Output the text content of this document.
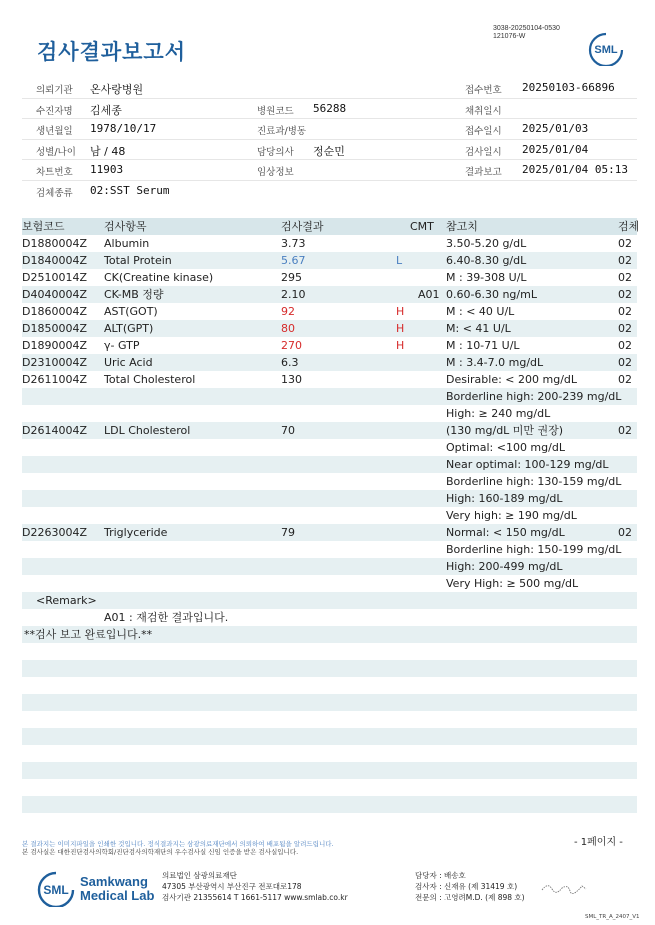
3038-20250104-0530
121076-W
검사결과보고서	SML
의뢰기관 온사랑병원	접수번호 20250103-66896
수진자명 김세종	병원코드 56288	채취일시
생년월일 1978/10/17	진료과/병동	접수일시 2025/01/03
성별/나이 남 / 48	담당의사 정순민	검사일시 2025/01/04
차트번호 11903	임상정보	결과보고 2025/01/04 05:13
검체종류 02:SST Serum
보험코드	검사항목	검사결과	CMT 참고치	검체
D1880004Z Albumin	3.73	3.50-5.20 g/dL	02
D1840004Z Total Protein	5.67	L	6.40-8.30 g/dL	02
D2510014Z CK(Creatine kinase)	295	M : 39-308 U/L	02
D4040004Z CK-MB 정량	2.10	A01 0.60-6.30 ng/mL	02
D1860004Z AST(GOT)	92	H	M : < 40 U/L	02
D1850004Z ALT(GPT)	80	H	M: < 41 U/L	02
D1890004Z γ- GTP	270	H	M : 10-71 U/L	02
D2310004Z Uric Acid	6.3	M : 3.4-7.0 mg/dL	02
D2611004Z Total Cholesterol	130	Desirable: < 200 mg/dL	02
Borderline high: 200-239 mg/dL
High: ≥ 240 mg/dL
D2614004Z LDL Cholesterol	70	(130 mg/dL 미만 권장)	02
Optimal: <100 mg/dL
Near optimal: 100-129 mg/dL
Borderline high: 130-159 mg/dL
High: 160-189 mg/dL
Very high: ≥ 190 mg/dL
D2263004Z Triglyceride	79	Normal: < 150 mg/dL	02
Borderline high: 150-199 mg/dL
High: 200-499 mg/dL
Very High: ≥ 500 mg/dL
<Remark>
A01 : 재검한 결과입니다.
**검사 보고 완료입니다.**
- 1페이지 -
본 결과지는 이미지파일을 인쇄한 것입니다. 정식결과지는 삼광의료재단에서 의뢰하여 배포됨을 알려드립니다.
본 검사실은 대한진단검사의학회/진단검사의학재단의 우수검사실 신임 인증을 받은 검사실입니다.
SML
Samkwang
Medical Lab
의료법인 삼광의료재단
47305 부산광역시 부산진구 전포대로178
검사기관 21355614 T 1661-5117 www.smlab.co.kr
담당자 : 배송호
검사자 : 신재유 (제 31419 호)
전문의 : 고영려M.D. (제 898 호)
SML_TR_A_2407_V1
